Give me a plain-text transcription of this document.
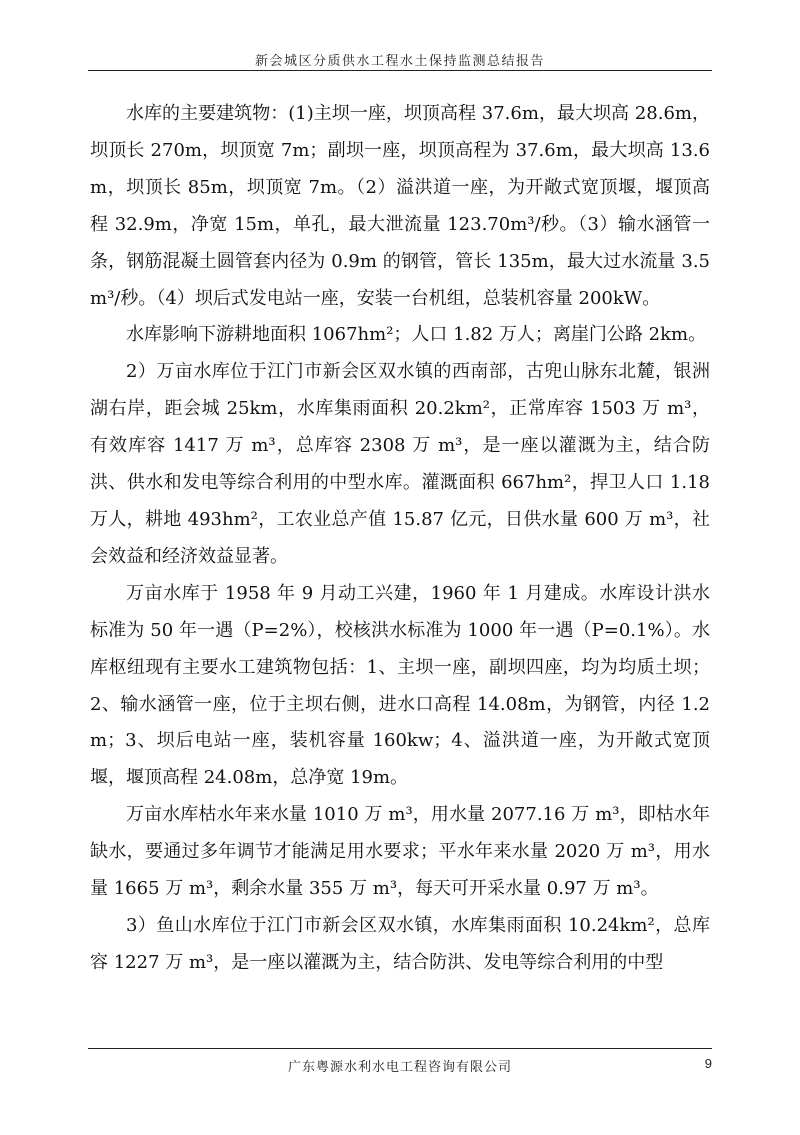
新会城区分质供水工程水土保持监测总结报告

水库的主要建筑物：(1)主坝一座，坝顶高程 37.6m，最大坝高 28.6m，坝顶长 270m，坝顶宽 7m；副坝一座，坝顶高程为 37.6m，最大坝高 13.6m，坝顶长 85m，坝顶宽 7m。（2）溢洪道一座，为开敞式宽顶堰，堰顶高程 32.9m，净宽 15m，单孔，最大泄流量 123.70m³/秒。（3）输水涵管一条，钢筋混凝土圆管套内径为 0.9m 的钢管，管长 135m，最大过水流量 3.5m³/秒。（4）坝后式发电站一座，安装一台机组，总装机容量 200kW。

水库影响下游耕地面积 1067hm²；人口 1.82 万人；离崖门公路 2km。

2）万亩水库位于江门市新会区双水镇的西南部，古兜山脉东北麓，银洲湖右岸，距会城 25km，水库集雨面积 20.2km²，正常库容 1503 万 m³，有效库容 1417 万 m³，总库容 2308 万 m³，是一座以灌溉为主，结合防洪、供水和发电等综合利用的中型水库。灌溉面积 667hm²，捍卫人口 1.18 万人，耕地 493hm²，工农业总产值 15.87 亿元，日供水量 600 万 m³，社会效益和经济效益显著。

万亩水库于 1958 年 9 月动工兴建，1960 年 1 月建成。水库设计洪水标准为 50 年一遇（P=2%），校核洪水标准为 1000 年一遇（P=0.1%）。水库枢纽现有主要水工建筑物包括：1、主坝一座，副坝四座，均为均质土坝；2、输水涵管一座，位于主坝右侧，进水口高程 14.08m，为钢管，内径 1.2m；3、坝后电站一座，装机容量 160kw；4、溢洪道一座，为开敞式宽顶堰，堰顶高程 24.08m，总净宽 19m。

万亩水库枯水年来水量 1010 万 m³，用水量 2077.16 万 m³，即枯水年缺水，要通过多年调节才能满足用水要求；平水年来水量 2020 万 m³，用水量 1665 万 m³，剩余水量 355 万 m³，每天可开采水量 0.97 万 m³。

3）鱼山水库位于江门市新会区双水镇，水库集雨面积 10.24km²，总库容 1227 万 m³，是一座以灌溉为主，结合防洪、发电等综合利用的中型

广东粤源水利水电工程咨询有限公司	9
